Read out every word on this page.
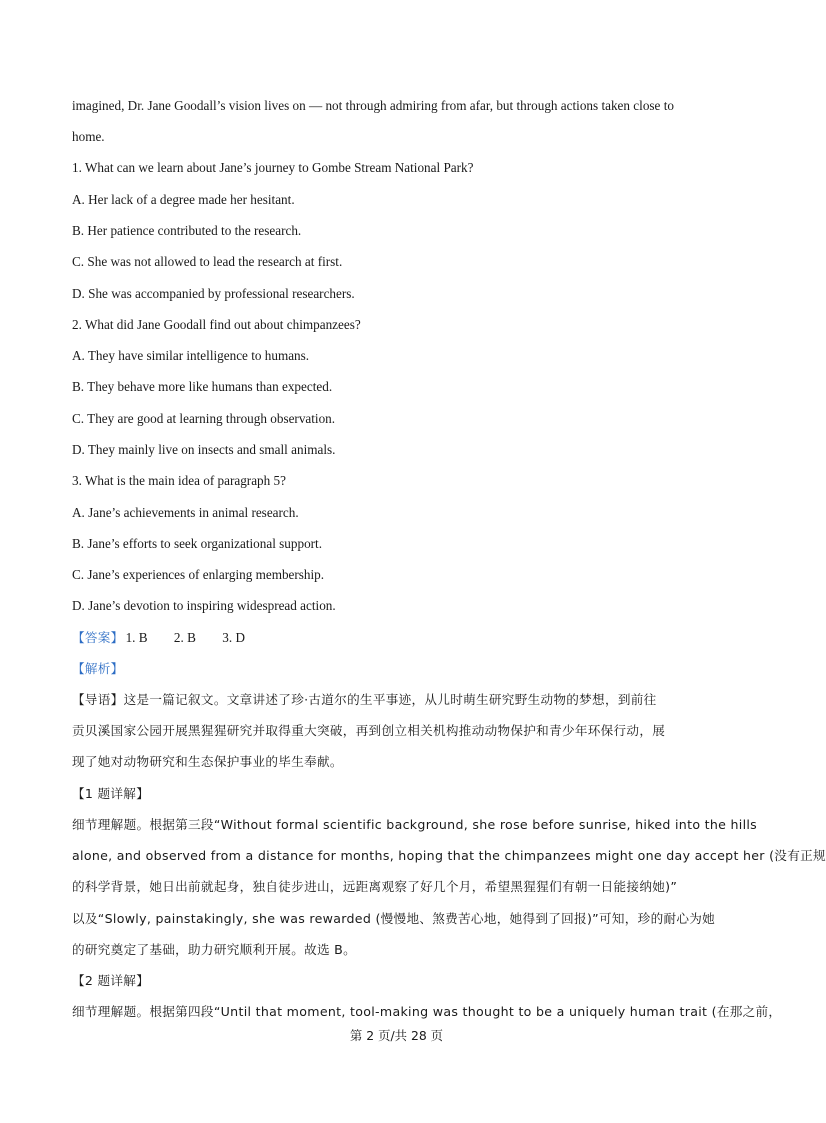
imagined, Dr. Jane Goodall’s vision lives on — not through admiring from afar, but through actions taken close to
home.
1. What can we learn about Jane’s journey to Gombe Stream National Park?
A. Her lack of a degree made her hesitant.
B. Her patience contributed to the research.
C. She was not allowed to lead the research at first.
D. She was accompanied by professional researchers.
2. What did Jane Goodall find out about chimpanzees?
A. They have similar intelligence to humans.
B. They behave more like humans than expected.
C. They are good at learning through observation.
D. They mainly live on insects and small animals.
3. What is the main idea of paragraph 5?
A. Jane’s achievements in animal research.
B. Jane’s efforts to seek organizational support.
C. Jane’s experiences of enlarging membership.
D. Jane’s devotion to inspiring widespread action.
【答案】 1. B        2. B        3. D
【解析】
【导语】这是一篇记叙文。文章讲述了珍·古道尔的生平事迹，从儿时萌生研究野生动物的梦想，到前往
贡贝溪国家公园开展黑猩猩研究并取得重大突破，再到创立相关机构推动动物保护和青少年环保行动，展
现了她对动物研究和生态保护事业的毕生奉献。
【1 题详解】
细节理解题。根据第三段“Without formal scientific background, she rose before sunrise, hiked into the hills
alone, and observed from a distance for months, hoping that the chimpanzees might one day accept her (没有正规
的科学背景，她日出前就起身，独自徒步进山，远距离观察了好几个月，希望黑猩猩们有朝一日能接纳她)”
以及“Slowly, painstakingly, she was rewarded (慢慢地、煞费苦心地，她得到了回报)”可知，珍的耐心为她
的研究奠定了基础，助力研究顺利开展。故选 B。
【2 题详解】
细节理解题。根据第四段“Until that moment, tool-making was thought to be a uniquely human trait (在那之前，
第 2 页/共 28 页
